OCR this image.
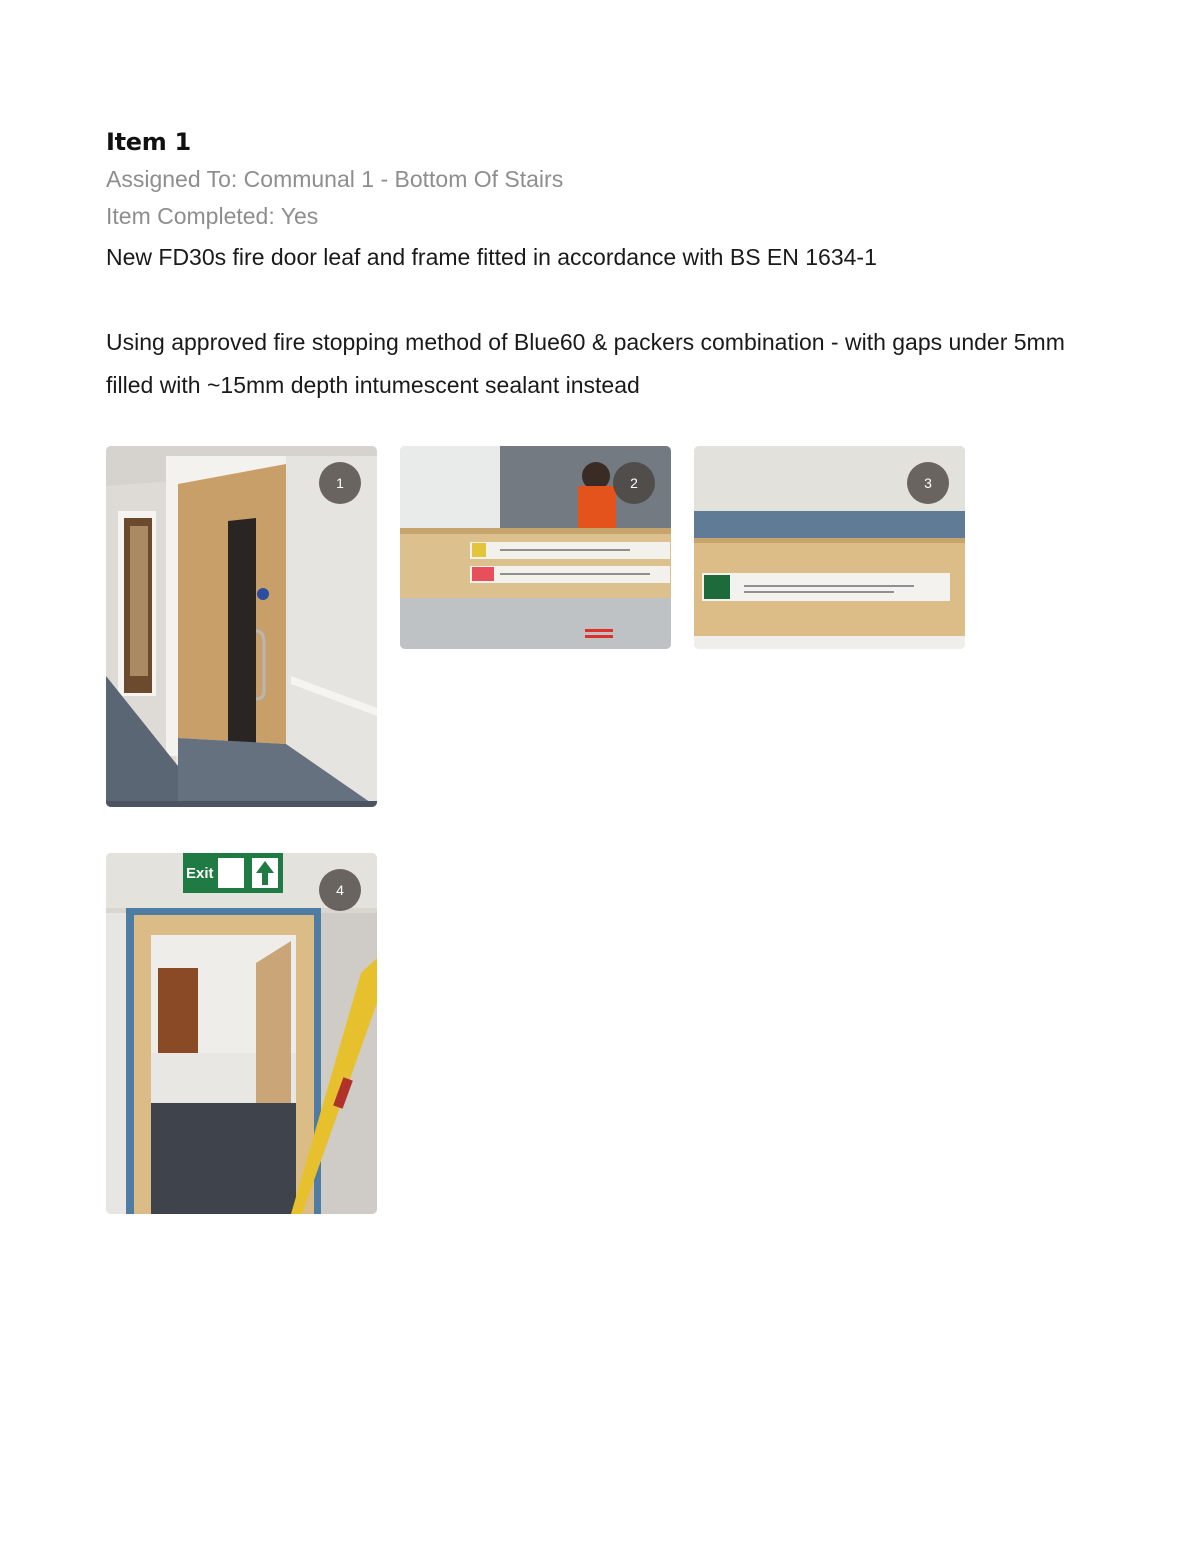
Item 1

Assigned To: Communal 1 - Bottom Of Stairs

Item Completed: Yes

New FD30s fire door leaf and frame fitted in accordance with BS EN 1634-1

Using approved fire stopping method of Blue60 & packers combination - with gaps under 5mm filled with ~15mm depth intumescent sealant instead

1	2	3
Exit
4
